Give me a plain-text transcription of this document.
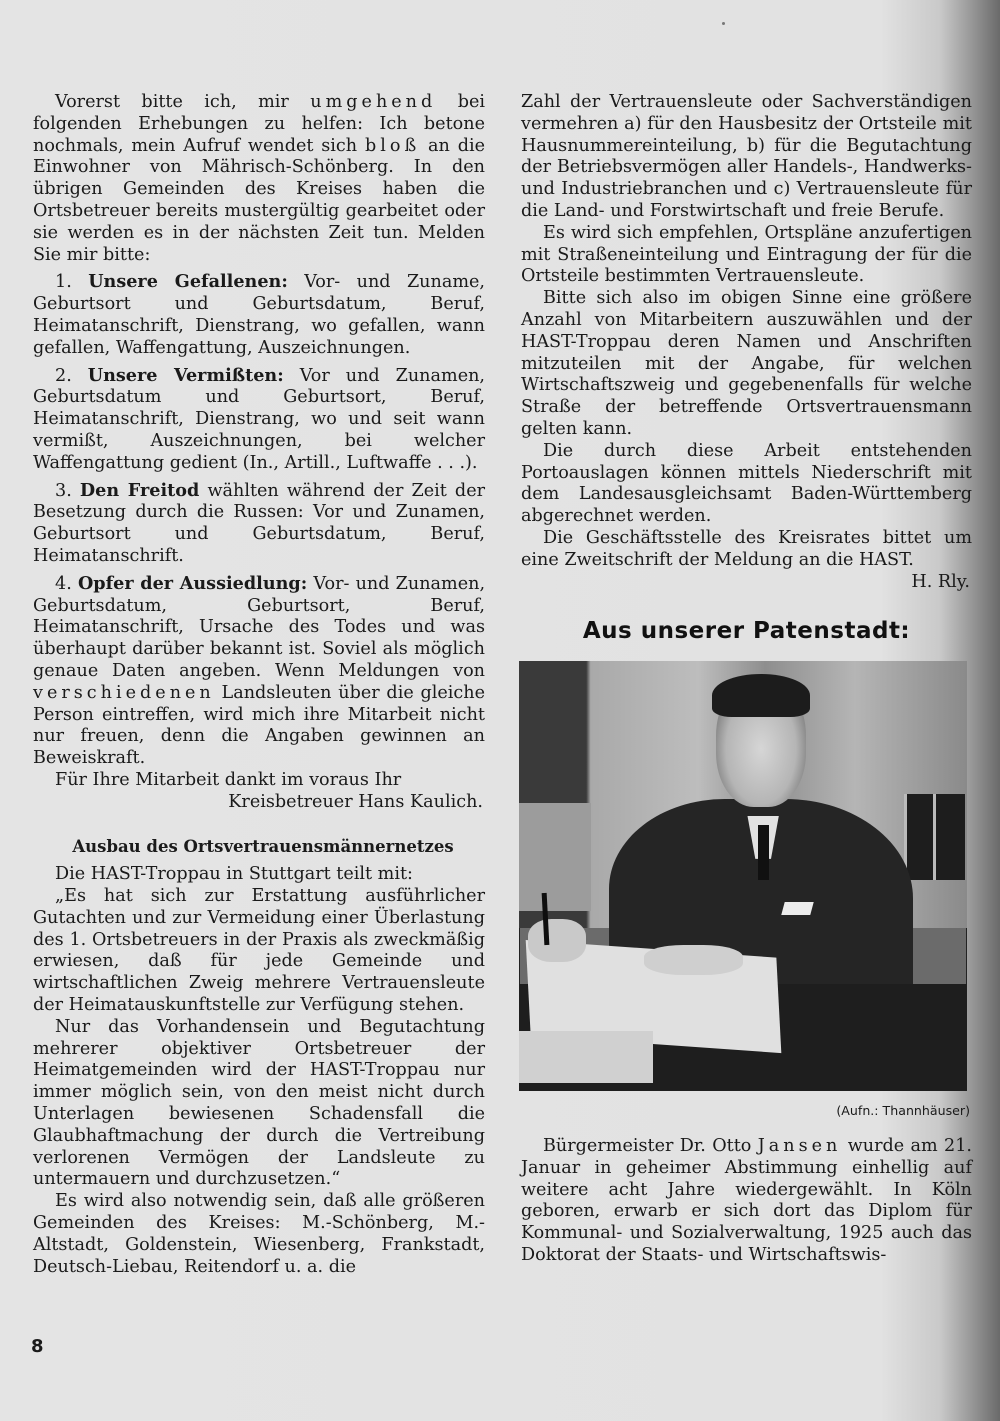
Vorerst bitte ich, mir umgehend bei folgenden Erhebungen zu helfen: Ich betone nochmals, mein Aufruf wendet sich bloß an die Einwohner von Mährisch-Schönberg. In den übrigen Gemeinden des Kreises haben die Ortsbetreuer bereits mustergültig gearbeitet oder sie werden es in der nächsten Zeit tun. Melden Sie mir bitte:

1. Unsere Gefallenen: Vor- und Zuname, Geburtsort und Geburtsdatum, Beruf, Heimatanschrift, Dienstrang, wo gefallen, wann gefallen, Waffengattung, Auszeichnungen.

2. Unsere Vermißten: Vor und Zunamen, Geburtsdatum und Geburtsort, Beruf, Heimatanschrift, Dienstrang, wo und seit wann vermißt, Auszeichnungen, bei welcher Waffengattung gedient (In., Artill., Luftwaffe . . .).

3. Den Freitod wählten während der Zeit der Besetzung durch die Russen: Vor und Zunamen, Geburtsort und Geburtsdatum, Beruf, Heimatanschrift.

4. Opfer der Aussiedlung: Vor- und Zunamen, Geburtsdatum, Geburtsort, Beruf, Heimatanschrift, Ursache des Todes und was überhaupt darüber bekannt ist. Soviel als möglich genaue Daten angeben. Wenn Meldungen von verschiedenen Landsleuten über die gleiche Person eintreffen, wird mich ihre Mitarbeit nicht nur freuen, denn die Angaben gewinnen an Beweiskraft.

Für Ihre Mitarbeit dankt im voraus Ihr

Kreisbetreuer Hans Kaulich.

Ausbau des Ortsvertrauensmännernetzes

Die HAST-Troppau in Stuttgart teilt mit:

„Es hat sich zur Erstattung ausführlicher Gutachten und zur Vermeidung einer Überlastung des 1. Ortsbetreuers in der Praxis als zweckmäßig erwiesen, daß für jede Gemeinde und wirtschaftlichen Zweig mehrere Vertrauensleute der Heimatauskunftstelle zur Verfügung stehen.

Nur das Vorhandensein und Begutachtung mehrerer objektiver Ortsbetreuer der Heimatgemeinden wird der HAST-Troppau nur immer möglich sein, von den meist nicht durch Unterlagen bewiesenen Schadensfall die Glaubhaftmachung der durch die Vertreibung verlorenen Vermögen der Landsleute zu untermauern und durchzusetzen.“

Es wird also notwendig sein, daß alle größeren Gemeinden des Kreises: M.-Schönberg, M.-Altstadt, Goldenstein, Wiesenberg, Frankstadt, Deutsch-Liebau, Reitendorf u. a. die

Zahl der Vertrauensleute oder Sachverständigen vermehren a) für den Hausbesitz der Ortsteile mit Hausnummereinteilung, b) für die Begutachtung der Betriebsvermögen aller Handels-, Handwerks- und Industriebranchen und c) Vertrauensleute für die Land- und Forstwirtschaft und freie Berufe.

Es wird sich empfehlen, Ortspläne anzufertigen mit Straßeneinteilung und Eintragung der für die Ortsteile bestimmten Vertrauensleute.

Bitte sich also im obigen Sinne eine größere Anzahl von Mitarbeitern auszuwählen und der HAST-Troppau deren Namen und Anschriften mitzuteilen mit der Angabe, für welchen Wirtschaftszweig und gegebenenfalls für welche Straße der betreffende Ortsvertrauensmann gelten kann.

Die durch diese Arbeit entstehenden Portoauslagen können mittels Niederschrift mit dem Landesausgleichsamt Baden-Württemberg abgerechnet werden.

Die Geschäftsstelle des Kreisrates bittet um eine Zweitschrift der Meldung an die HAST.

H. Rly.

Aus unserer Patenstadt:
(Aufn.: Thannhäuser)

Bürgermeister Dr. Otto Jansen wurde am 21. Januar in geheimer Abstimmung einhellig auf weitere acht Jahre wiedergewählt. In Köln geboren, erwarb er sich dort das Diplom für Kommunal- und Sozialverwaltung, 1925 auch das Doktorat der Staats- und Wirtschaftswis-

8
